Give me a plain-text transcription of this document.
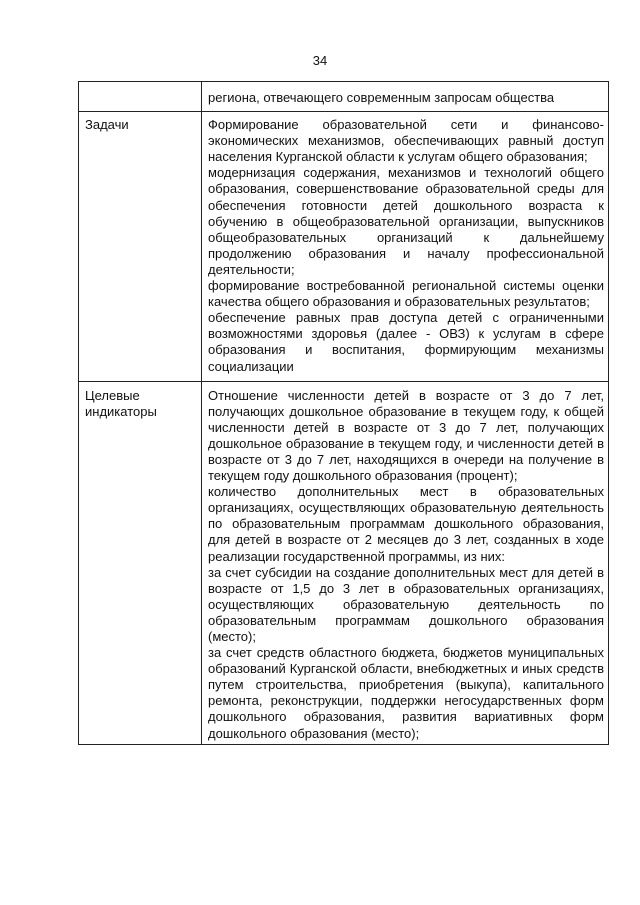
34
	региона, отвечающего современным запросам общества
Задачи	Формирование образовательной сети и финансово-экономических механизмов, обеспечивающих равный доступ населения Курганской области к услугам общего образования;

модернизация содержания, механизмов и технологий общего образования, совершенствование образовательной среды для обеспечения готовности детей дошкольного возраста к обучению в общеобразовательной организации, выпускников общеобразовательных организаций к дальнейшему продолжению образования и началу профессиональной деятельности;

формирование востребованной региональной системы оценки качества общего образования и образовательных результатов;

обеспечение равных прав доступа детей с ограниченными возможностями здоровья (далее - ОВЗ) к услугам в сфере образования и воспитания, формирующим механизмы социализации

Целевые индикаторы	Отношение численности детей в возрасте от 3 до 7 лет, получающих дошкольное образование в текущем году, к общей численности детей в возрасте от 3 до 7 лет, получающих дошкольное образование в текущем году, и численности детей в возрасте от 3 до 7 лет, находящихся в очереди на получение в текущем году дошкольного образования (процент);

количество дополнительных мест в образовательных организациях, осуществляющих образовательную деятельность по образовательным программам дошкольного образования, для детей в возрасте от 2 месяцев до 3 лет, созданных в ходе реализации государственной программы, из них:

за счет субсидии на создание дополнительных мест для детей в возрасте от 1,5 до 3 лет в образовательных организациях, осуществляющих образовательную деятельность по образовательным программам дошкольного образования (место);

за счет средств областного бюджета, бюджетов муниципальных образований Курганской области, внебюджетных и иных средств путем строительства, приобретения (выкупа), капитального ремонта, реконструкции, поддержки негосударственных форм дошкольного образования, развития вариативных форм дошкольного образования (место);
